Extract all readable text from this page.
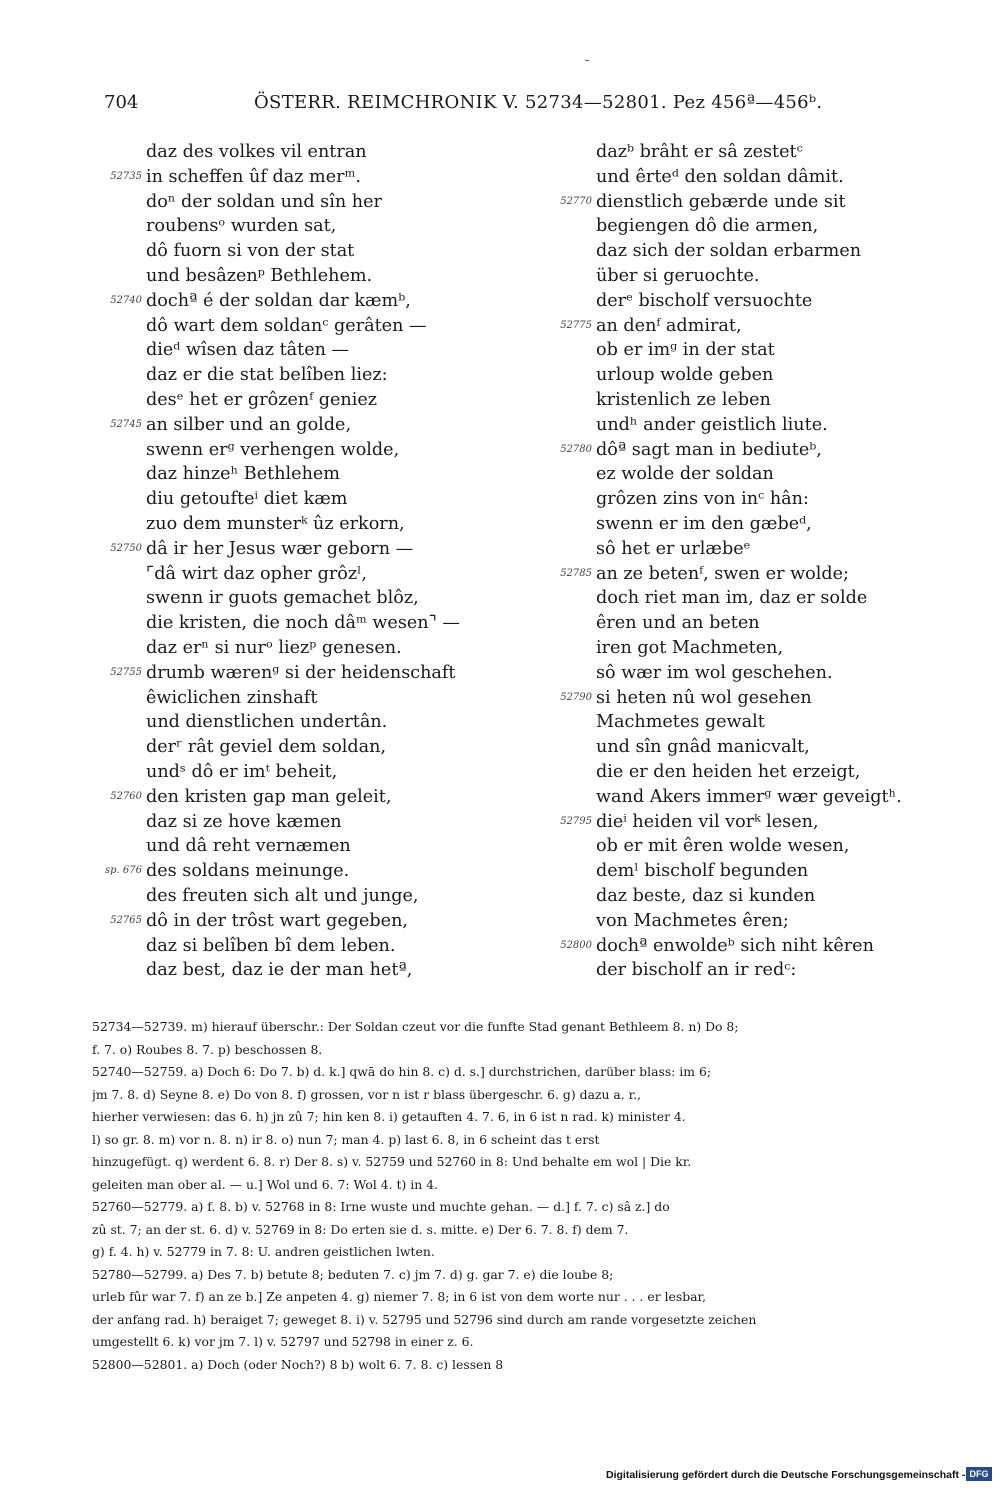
704	ÖSTERR. REIMCHRONIK V. 52734—52801. Pez 456ª—456ᵇ.
daz des volkes vil entran
52735 in scheffen ûf daz merᵐ.
doⁿ der soldan und sîn her
roubensᵒ wurden sat,
dô fuorn si von der stat
und besâzenᵖ Bethlehem.
52740 dochª é der soldan dar kæmᵇ,
dô wart dem soldanᶜ gerâten —
dieᵈ wîsen daz tâten —
daz er die stat belîben liez:
desᵉ het er grôzenᶠ geniez
52745 an silber und an golde,
swenn erᵍ verhengen wolde,
daz hinzeʰ Bethlehem
diu getouftеⁱ diet kæm
zuo dem munsterᵏ ûz erkorn,
52750 dâ ir her Jesus wær geborn —
⌜dâ wirt daz opher grôzˡ,
swenn ir guots gemachet blôz,
die kristen, die noch dâᵐ wesen⌝ —
daz erⁿ si nurᵒ liezᵖ genesen.
52755 drumb wærenᵍ si der heidenschaft
êwiclichen zinshaft
und dienstlichen undertân.
derʳ rât geviel dem soldan,
undˢ dô er imᵗ beheit,
52760 den kristen gap man geleit,
daz si ze hove kæmen
und dâ reht vernæmen
sp. 676 des soldans meinunge.
des freuten sich alt und junge,
52765 dô in der trôst wart gegeben,
daz si belîben bî dem leben.
daz best, daz ie der man hetª,
dazᵇ brâht er sâ zestetᶜ
und êrteᵈ den soldan dâmit.
52770 dienstlich gebærde unde sit
begiengen dô die armen,
daz sich der soldan erbarmen
über si geruochte.
derᵉ bischolf versuochte
52775 an denᶠ admirat,
ob er imᵍ in der stat
urloup wolde geben
kristenlich ze leben
undʰ ander geistlich liute.
52780 dôª sagt man in bediuteᵇ,
ez wolde der soldan
grôzen zins von inᶜ hân:
swenn er im den gæbeᵈ,
sô het er urlæbeᵉ
52785 an ze betenᶠ, swen er wolde;
doch riet man im, daz er solde
êren und an beten
iren got Machmeten,
sô wær im wol geschehen.
52790 si heten nû wol gesehen
Machmetes gewalt
und sîn gnâd manicvalt,
die er den heiden het erzeigt,
wand Akers immerᵍ wær geveigtʰ.
52795 dieⁱ heiden vil vorᵏ lesen,
ob er mit êren wolde wesen,
demˡ bischolf begunden
daz beste, daz si kunden
von Machmetes êren;
52800 dochª enwoldeᵇ sich niht kêren
der bischolf an ir redᶜ:
52734—52739. m) hierauf überschr.: Der Soldan czeut vor die funfte Stad genant Bethleem 8. n) Do 8;
f. 7. o) Roubes 8. 7. p) beschossen 8.
52740—52759. a) Doch 6: Do 7. b) d. k.] qwā do hin 8. c) d. s.] durchstrichen, darüber blass: im 6;
jm 7. 8. d) Seyne 8. e) Do von 8. f) grossen, vor n ist r blass übergeschr. 6. g) dazu a. r.,
hierher verwiesen: das 6. h) jn zû 7; hin ken 8. i) getauften 4. 7. 6, in 6 ist n rad. k) minister 4.
l) so gr. 8. m) vor n. 8. n) ir 8. o) nun 7; man 4. p) last 6. 8, in 6 scheint das t erst
hinzugefügt. q) werdent 6. 8. r) Der 8. s) v. 52759 und 52760 in 8: Und behalte em wol | Die kr.
geleiten man ober al. — u.] Wol und 6. 7: Wol 4. t) in 4.
52760—52779. a) f. 8. b) v. 52768 in 8: Irne wuste und muchte gehan. — d.] f. 7. c) sâ z.] do
zû st. 7; an der st. 6. d) v. 52769 in 8: Do erten sie d. s. mitte. e) Der 6. 7. 8. f) dem 7.
g) f. 4. h) v. 52779 in 7. 8: U. andren geistlichen lwten.
52780—52799. a) Des 7. b) betute 8; beduten 7. c) jm 7. d) g. gar 7. e) die loube 8;
urleb fûr war 7. f) an ze b.] Ze anpeten 4. g) niemer 7. 8; in 6 ist von dem worte nur . . . er lesbar,
der anfang rad. h) beraiget 7; geweget 8. i) v. 52795 und 52796 sind durch am rande vorgesetzte zeichen
umgestellt 6. k) vor jm 7. l) v. 52797 und 52798 in einer z. 6.
52800—52801. a) Doch (oder Noch?) 8 b) wolt 6. 7. 8. c) lessen 8
Digitalisierung gefördert durch die Deutsche Forschungsgemeinschaft - DFG
